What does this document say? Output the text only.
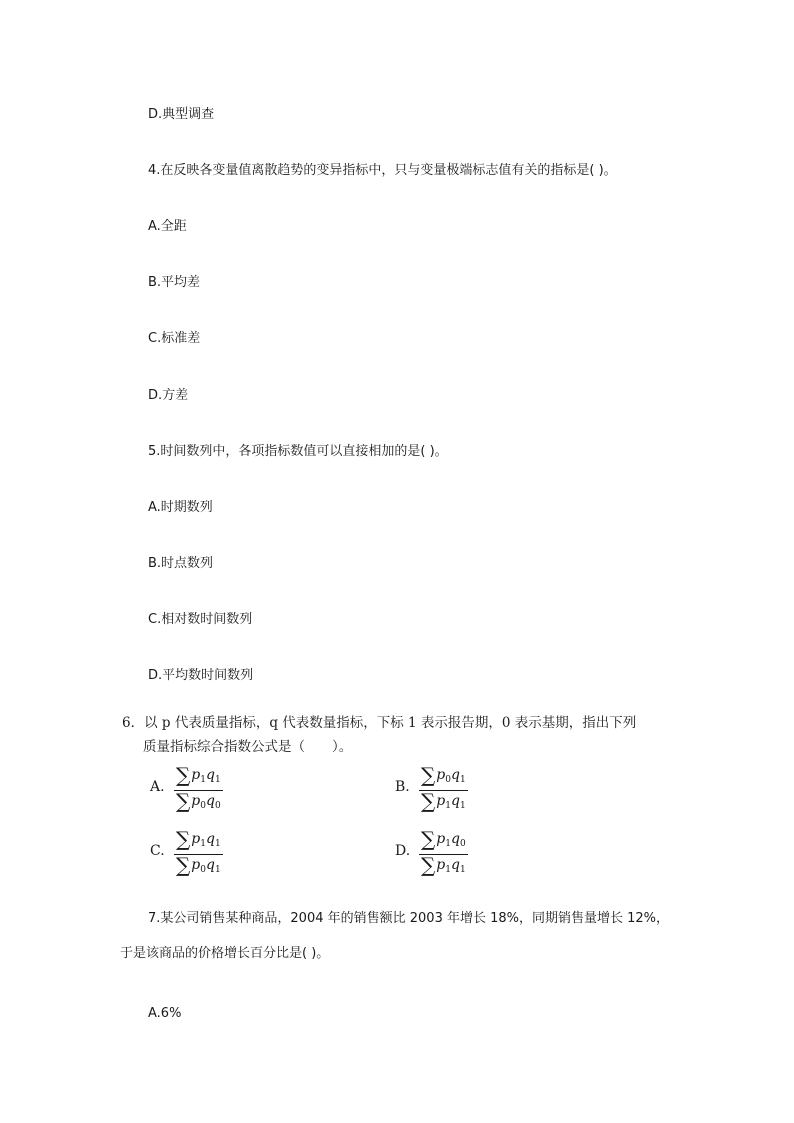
D.典型调查
4.在反映各变量值离散趋势的变异指标中，只与变量极端标志值有关的指标是( )。
A.全距
B.平均差
C.标准差
D.方差
5.时间数列中，各项指标数值可以直接相加的是( )。
A.时期数列
B.时点数列
C.相对数时间数列
D.平均数时间数列
6．以 p 代表质量指标，q 代表数量指标，下标 1 表示报告期，0 表示基期，指出下列
质量指标综合指数公式是（　　）。
A. $\frac{\sum p_1q_1}{\sum p_0q_0}$	B. $\frac{\sum p_0q_1}{\sum p_1q_1}$
C. $\frac{\sum p_1q_1}{\sum p_0q_1}$	D. $\frac{\sum p_1q_0}{\sum p_1q_1}$
7.某公司销售某种商品，2004 年的销售额比 2003 年增长 18%，同期销售量增长 12%，
于是该商品的价格增长百分比是( )。
A.6%
